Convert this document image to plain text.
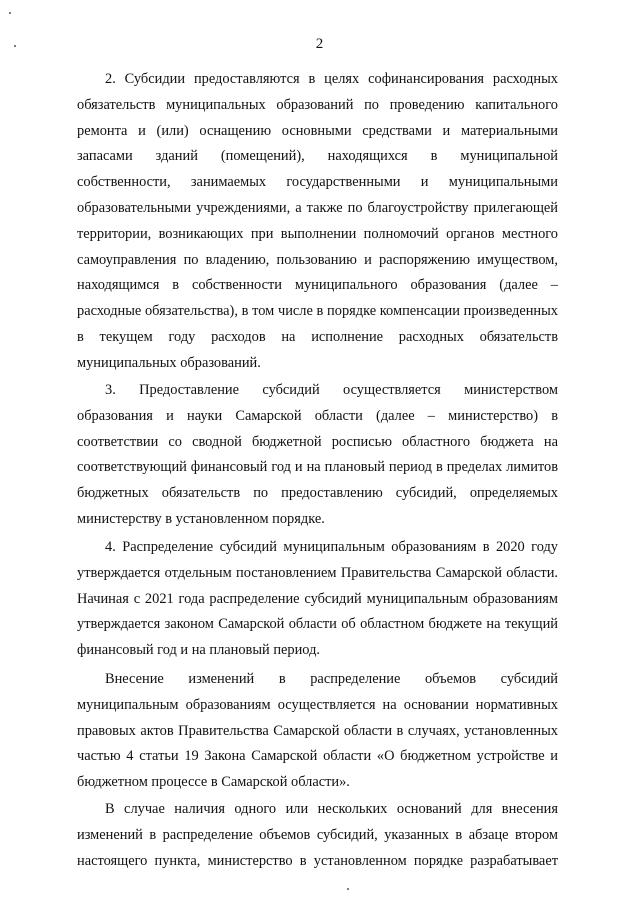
2

2. Субсидии предоставляются в целях софинансирования расходных обязательств муниципальных образований по проведению капитального ремонта и (или) оснащению основными средствами и материальными запасами зданий (помещений), находящихся в муниципальной собственности, занимаемых государственными и муниципальными образовательными учреждениями, а также по благоустройству прилегающей территории, возникающих при выполнении полномочий органов местного самоуправления по владению, пользованию и распоряжению имуществом, находящимся в собственности муниципального образования (далее – расходные обязательства), в том числе в порядке компенсации произведенных в текущем году расходов на исполнение расходных обязательств муниципальных образований.

3. Предоставление субсидий осуществляется министерством образования и науки Самарской области (далее – министерство) в соответствии со сводной бюджетной росписью областного бюджета на соответствующий финансовый год и на плановый период в пределах лимитов бюджетных обязательств по предоставлению субсидий, определяемых министерству в установленном порядке.

4. Распределение субсидий муниципальным образованиям в 2020 году утверждается отдельным постановлением Правительства Самарской области. Начиная с 2021 года распределение субсидий муниципальным образованиям утверждается законом Самарской области об областном бюджете на текущий финансовый год и на плановый период.

Внесение изменений в распределение объемов субсидий муниципальным образованиям осуществляется на основании нормативных правовых актов Правительства Самарской области в случаях, установленных частью 4 статьи 19 Закона Самарской области «О бюджетном устройстве и бюджетном процессе в Самарской области».

В случае наличия одного или нескольких оснований для внесения изменений в распределение объемов субсидий, указанных в абзаце втором настоящего пункта, министерство в установленном порядке разрабатывает
